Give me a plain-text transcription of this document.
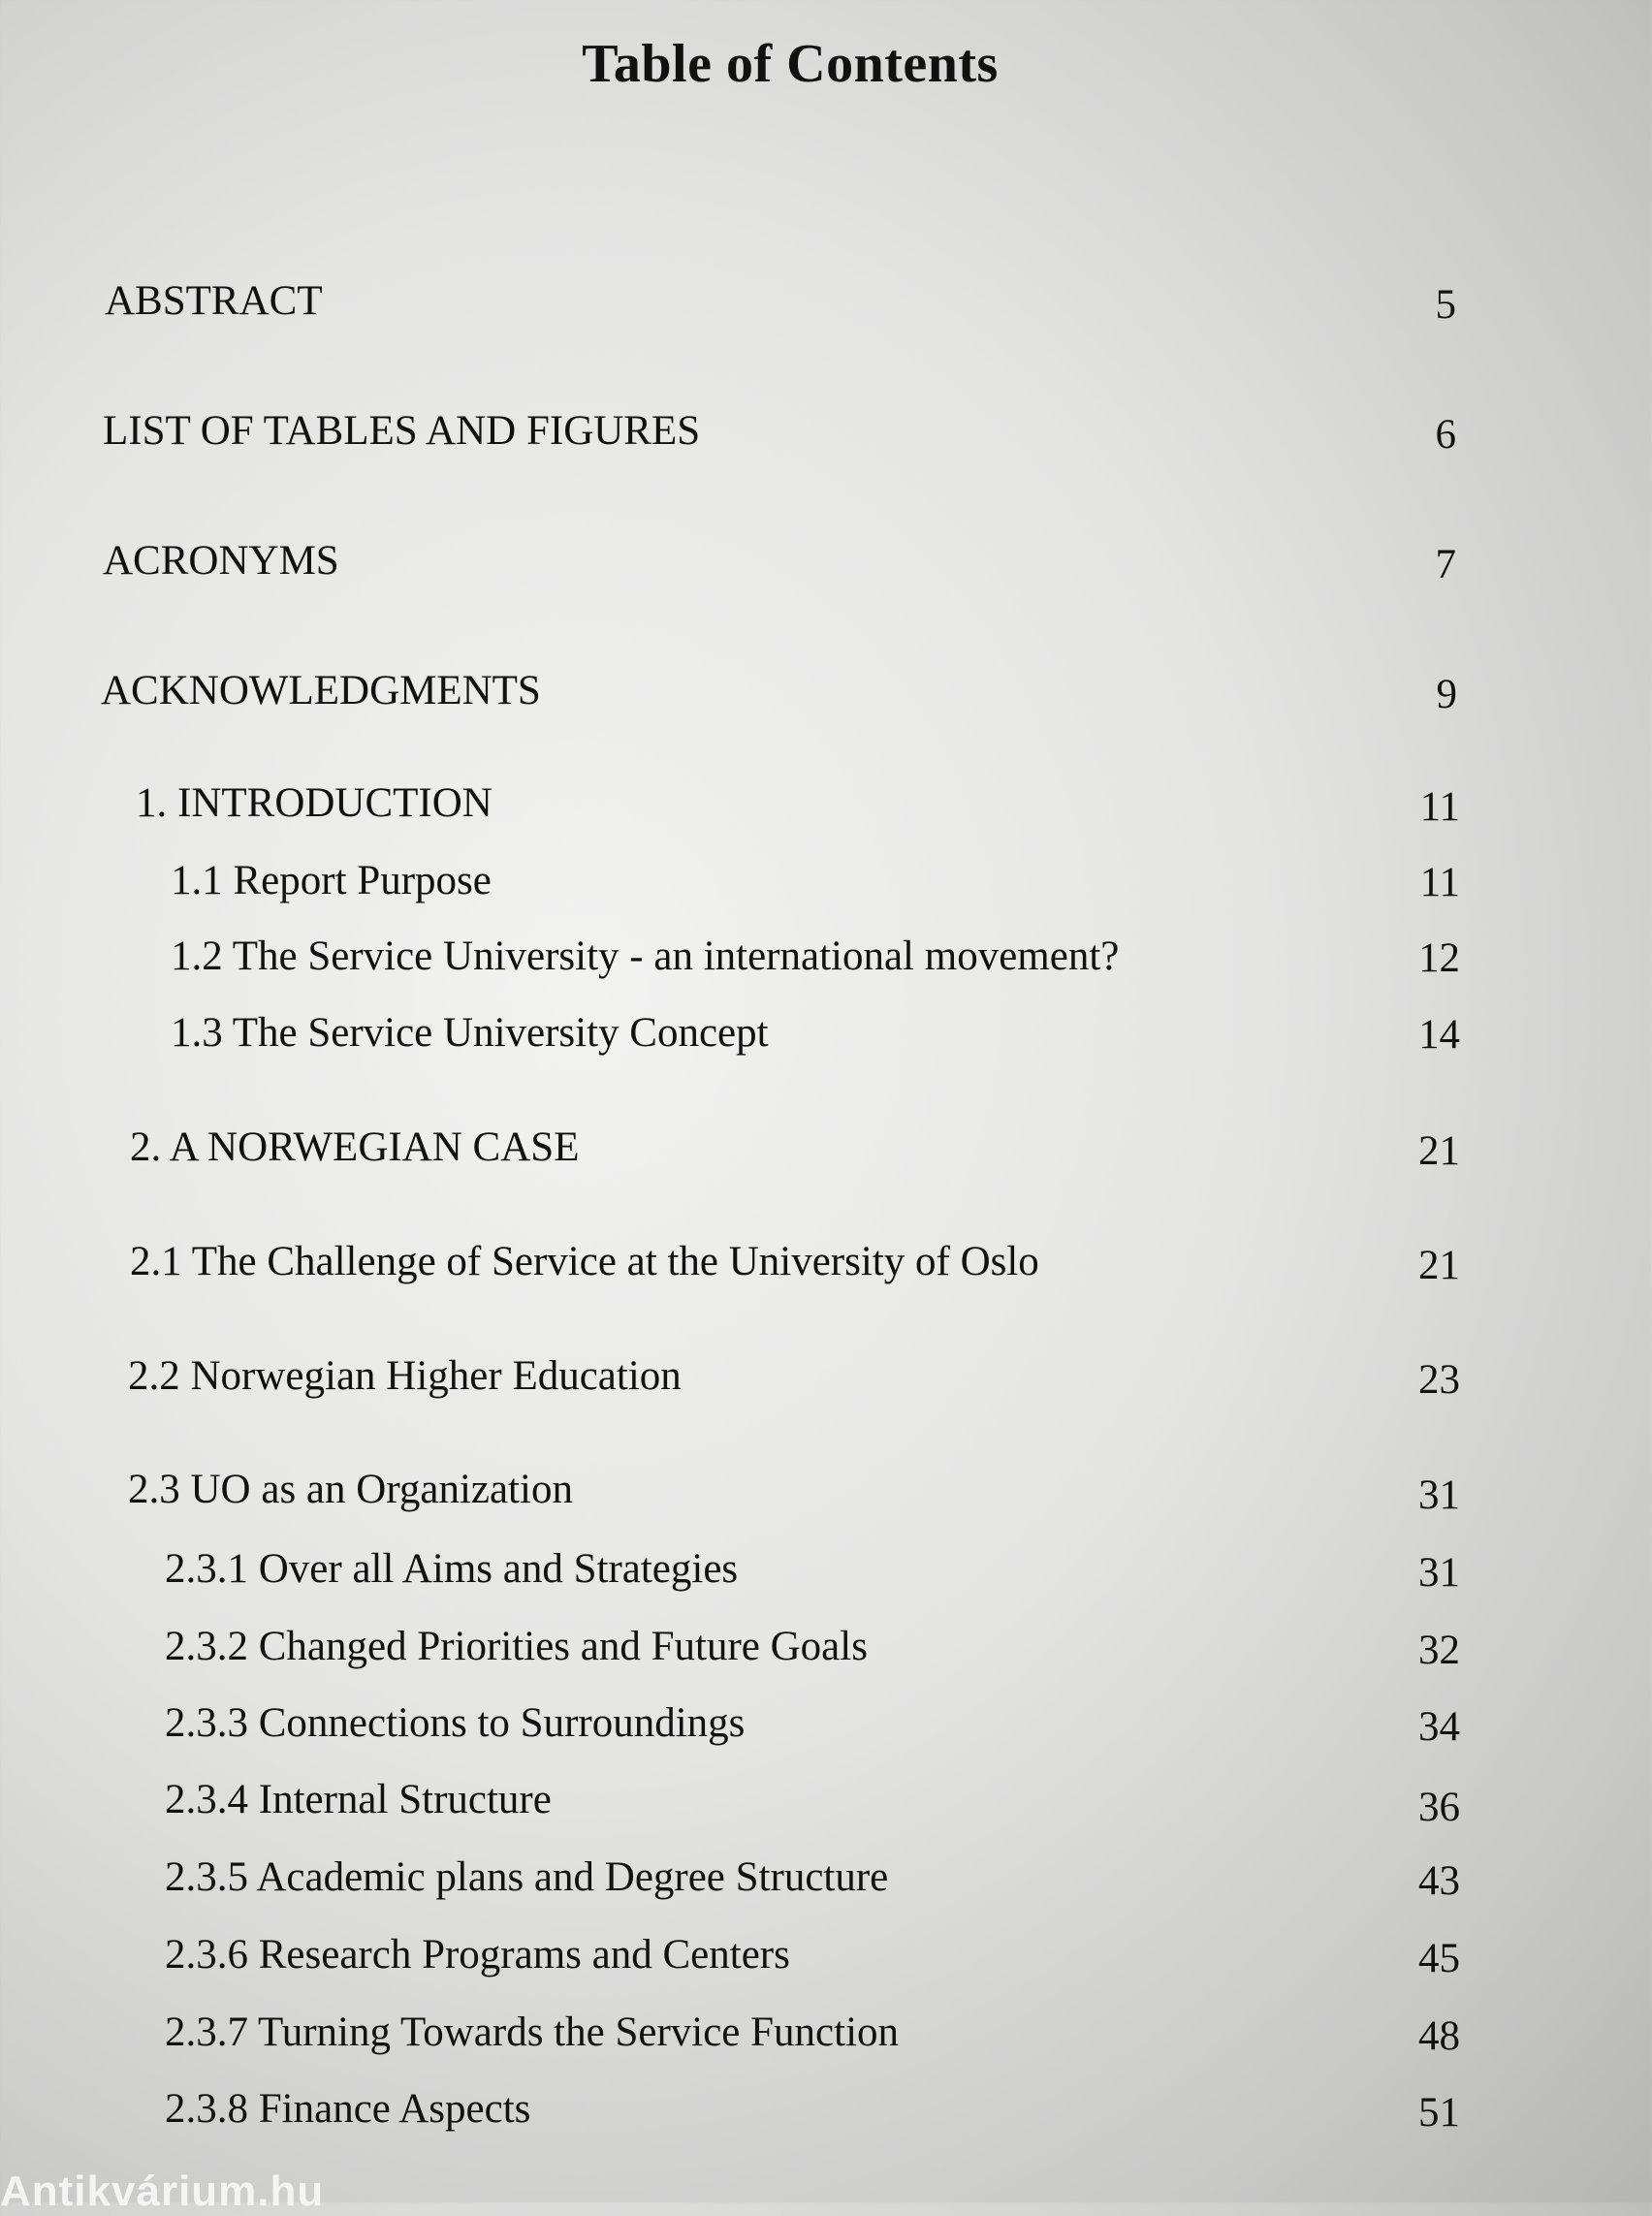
Table of Contents
ABSTRACT	5
LIST OF TABLES AND FIGURES	6
ACRONYMS	7
ACKNOWLEDGMENTS	9
1. INTRODUCTION	11
1.1 Report Purpose	11
1.2 The Service University - an international movement?	12
1.3 The Service University Concept	14
2. A NORWEGIAN CASE	21
2.1 The Challenge of Service at the University of Oslo	21
2.2 Norwegian Higher Education	23
2.3 UO as an Organization	31
2.3.1 Over all Aims and Strategies	31
2.3.2 Changed Priorities and Future Goals	32
2.3.3 Connections to Surroundings	34
2.3.4 Internal Structure	36
2.3.5 Academic plans and Degree Structure	43
2.3.6 Research Programs and Centers	45
2.3.7 Turning Towards the Service Function	48
2.3.8 Finance Aspects	51
Antikvárium.hu
